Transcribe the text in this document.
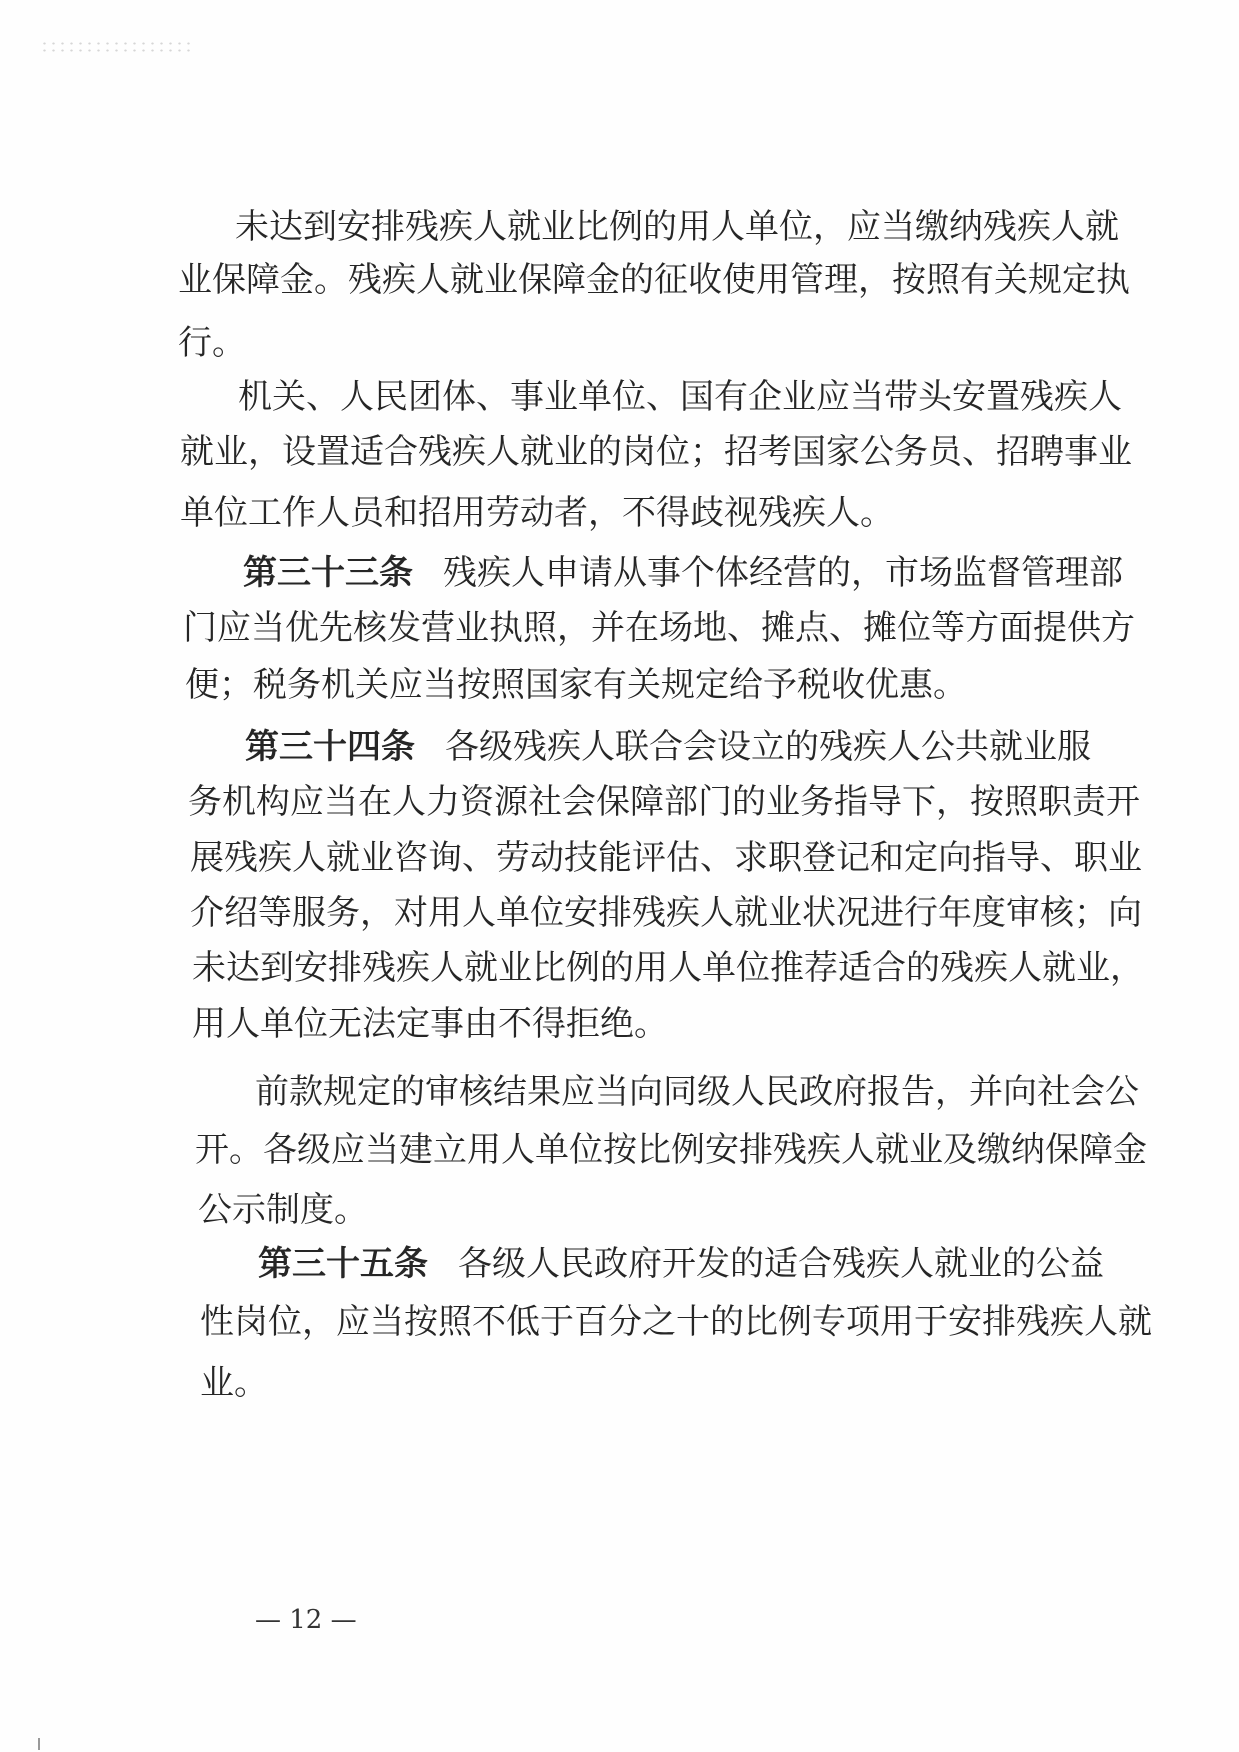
未达到安排残疾人就业比例的用人单位，应当缴纳残疾人就
业保障金。残疾人就业保障金的征收使用管理，按照有关规定执
行。
机关、人民团体、事业单位、国有企业应当带头安置残疾人
就业，设置适合残疾人就业的岗位；招考国家公务员、招聘事业
单位工作人员和招用劳动者，不得歧视残疾人。
第三十三条 残疾人申请从事个体经营的，市场监督管理部
门应当优先核发营业执照，并在场地、摊点、摊位等方面提供方
便；税务机关应当按照国家有关规定给予税收优惠。
第三十四条 各级残疾人联合会设立的残疾人公共就业服
务机构应当在人力资源社会保障部门的业务指导下，按照职责开
展残疾人就业咨询、劳动技能评估、求职登记和定向指导、职业
介绍等服务，对用人单位安排残疾人就业状况进行年度审核；向
未达到安排残疾人就业比例的用人单位推荐适合的残疾人就业，
用人单位无法定事由不得拒绝。
前款规定的审核结果应当向同级人民政府报告，并向社会公
开。各级应当建立用人单位按比例安排残疾人就业及缴纳保障金
公示制度。
第三十五条 各级人民政府开发的适合残疾人就业的公益
性岗位，应当按照不低于百分之十的比例专项用于安排残疾人就
业。
— 12 —
